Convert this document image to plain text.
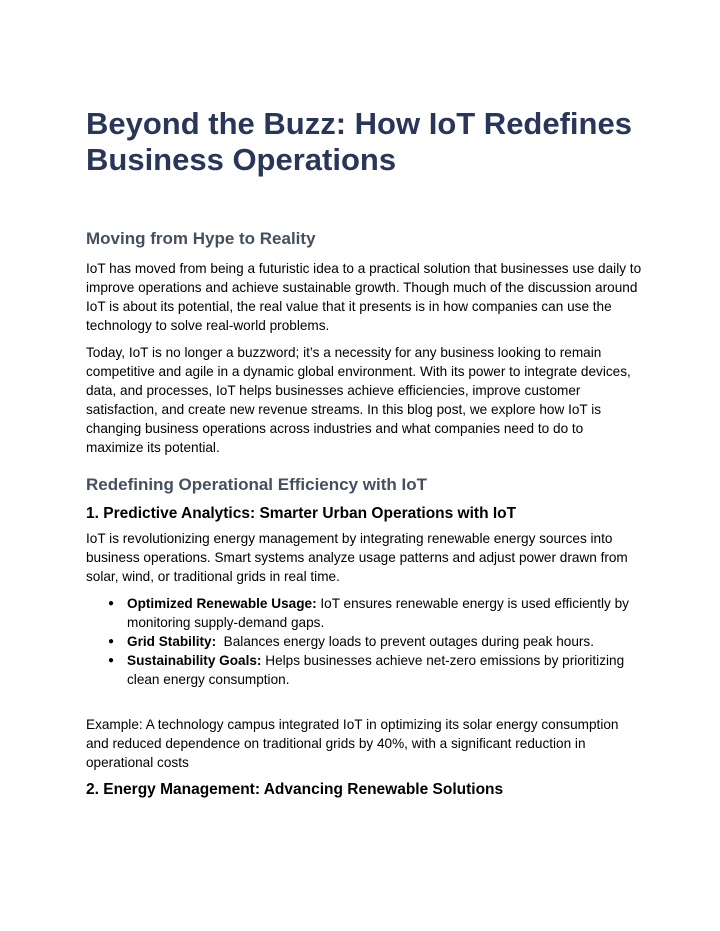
Beyond the Buzz: How IoT Redefines
Business Operations
Moving from Hype to Reality

IoT has moved from being a futuristic idea to a practical solution that businesses use daily to improve operations and achieve sustainable growth. Though much of the discussion around IoT is about its potential, the real value that it presents is in how companies can use the technology to solve real-world problems.

Today, IoT is no longer a buzzword; it’s a necessity for any business looking to remain competitive and agile in a dynamic global environment. With its power to integrate devices, data, and processes, IoT helps businesses achieve efficiencies, improve customer satisfaction, and create new revenue streams. In this blog post, we explore how IoT is changing business operations across industries and what companies need to do to maximize its potential.

Redefining Operational Efficiency with IoT
1. Predictive Analytics: Smarter Urban Operations with IoT

IoT is revolutionizing energy management by integrating renewable energy sources into business operations. Smart systems analyze usage patterns and adjust power drawn from solar, wind, or traditional grids in real time.

● Optimized Renewable Usage: IoT ensures renewable energy is used efficiently by monitoring supply-demand gaps.
● Grid Stability:  Balances energy loads to prevent outages during peak hours.
● Sustainability Goals: Helps businesses achieve net-zero emissions by prioritizing clean energy consumption.

Example: A technology campus integrated IoT in optimizing its solar energy consumption and reduced dependence on traditional grids by 40%, with a significant reduction in operational costs

2. Energy Management: Advancing Renewable Solutions
